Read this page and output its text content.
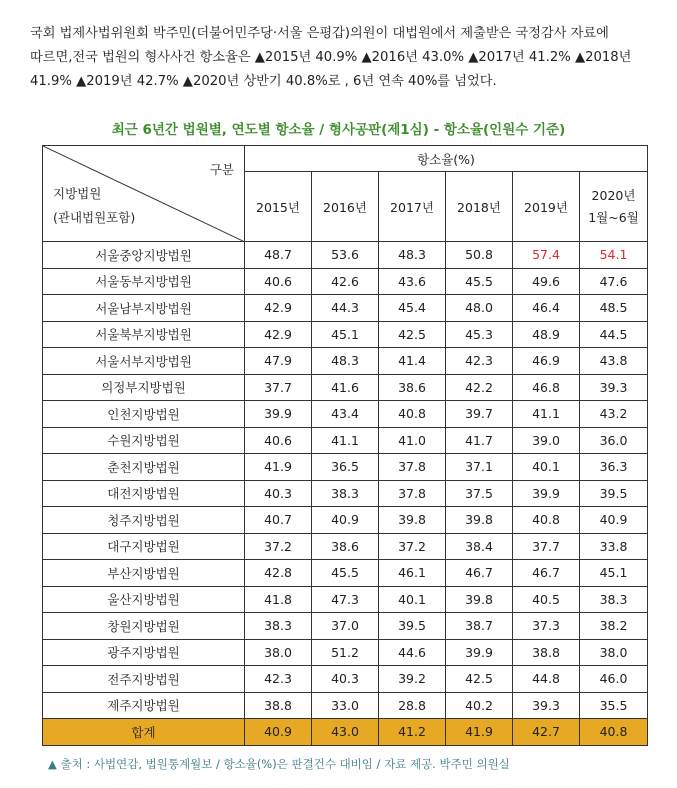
국회 법제사법위원회 박주민(더불어민주당·서울 은평갑)의원이 대법원에서 제출받은 국정감사 자료에
따르면,전국 법원의 형사사건 항소율은 ▲2015년 40.9% ▲2016년 43.0% ▲2017년 41.2% ▲2018년
41.9% ▲2019년 42.7% ▲2020년 상반기 40.8%로 , 6년 연속 40%를 넘었다.
최근 6년간 법원별, 연도별 항소율 / 형사공판(제1심) - 항소율(인원수 기준)
구분
지방법원
(관내법원포함)	항소율(%)					
	2015년	2016년	2017년	2018년	2019년	2020년 1월~6월
서울중앙지방법원	48.7	53.6	48.3	50.8	57.4	54.1
서울동부지방법원	40.6	42.6	43.6	45.5	49.6	47.6
서울남부지방법원	42.9	44.3	45.4	48.0	46.4	48.5
서울북부지방법원	42.9	45.1	42.5	45.3	48.9	44.5
서울서부지방법원	47.9	48.3	41.4	42.3	46.9	43.8
의정부지방법원	37.7	41.6	38.6	42.2	46.8	39.3
인천지방법원	39.9	43.4	40.8	39.7	41.1	43.2
수원지방법원	40.6	41.1	41.0	41.7	39.0	36.0
춘천지방법원	41.9	36.5	37.8	37.1	40.1	36.3
대전지방법원	40.3	38.3	37.8	37.5	39.9	39.5
청주지방법원	40.7	40.9	39.8	39.8	40.8	40.9
대구지방법원	37.2	38.6	37.2	38.4	37.7	33.8
부산지방법원	42.8	45.5	46.1	46.7	46.7	45.1
울산지방법원	41.8	47.3	40.1	39.8	40.5	38.3
창원지방법원	38.3	37.0	39.5	38.7	37.3	38.2
광주지방법원	38.0	51.2	44.6	39.9	38.8	38.0
전주지방법원	42.3	40.3	39.2	42.5	44.8	46.0
제주지방법원	38.8	33.0	28.8	40.2	39.3	35.5
합계	40.9	43.0	41.2	41.9	42.7	40.8
▲ 출처 : 사법연감, 법원통계월보 / 항소율(%)은 판결건수 대비임 / 자료 제공. 박주민 의원실
